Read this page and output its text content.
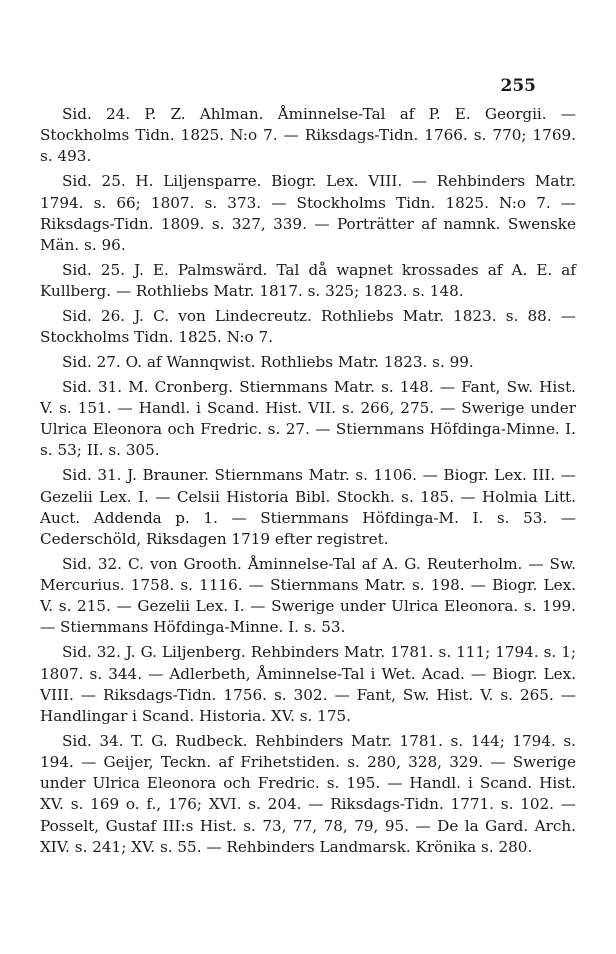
255

Sid. 24. P. Z. Ahlman. Åminnelse-Tal af P. E. Georgii. — Stockholms Tidn. 1825. N:o 7. — Riksdags-Tidn. 1766. s. 770; 1769. s. 493.

Sid. 25. H. Liljensparre. Biogr. Lex. VIII. — Rehbinders Matr. 1794. s. 66; 1807. s. 373. — Stockholms Tidn. 1825. N:o 7. — Riksdags-Tidn. 1809. s. 327, 339. — Porträtter af namnk. Swenske Män. s. 96.

Sid. 25. J. E. Palmswärd. Tal då wapnet krossades af A. E. af Kullberg. — Rothliebs Matr. 1817. s. 325; 1823. s. 148.

Sid. 26. J. C. von Lindecreutz. Rothliebs Matr. 1823. s. 88. — Stockholms Tidn. 1825. N:o 7.

Sid. 27. O. af Wannqwist. Rothliebs Matr. 1823. s. 99.

Sid. 31. M. Cronberg. Stiernmans Matr. s. 148. — Fant, Sw. Hist. V. s. 151. — Handl. i Scand. Hist. VII. s. 266, 275. — Swerige under Ulrica Eleonora och Fredric. s. 27. — Stiernmans Höfdinga-Minne. I. s. 53; II. s. 305.

Sid. 31. J. Brauner. Stiernmans Matr. s. 1106. — Biogr. Lex. III. — Gezelii Lex. I. — Celsii Historia Bibl. Stockh. s. 185. — Holmia Litt. Auct. Addenda p. 1. — Stiernmans Höfdinga-M. I. s. 53. — Cederschöld, Riksdagen 1719 efter registret.

Sid. 32. C. von Grooth. Åminnelse-Tal af A. G. Reuterholm. — Sw. Mercurius. 1758. s. 1116. — Stiernmans Matr. s. 198. — Biogr. Lex. V. s. 215. — Gezelii Lex. I. — Swerige under Ulrica Eleonora. s. 199. — Stiernmans Höfdinga-Minne. I. s. 53.

Sid. 32. J. G. Liljenberg. Rehbinders Matr. 1781. s. 111; 1794. s. 1; 1807. s. 344. — Adlerbeth, Åminnelse-Tal i Wet. Acad. — Biogr. Lex. VIII. — Riksdags-Tidn. 1756. s. 302. — Fant, Sw. Hist. V. s. 265. — Handlingar i Scand. Historia. XV. s. 175.

Sid. 34. T. G. Rudbeck. Rehbinders Matr. 1781. s. 144; 1794. s. 194. — Geijer, Teckn. af Frihetstiden. s. 280, 328, 329. — Swerige under Ulrica Eleonora och Fredric. s. 195. — Handl. i Scand. Hist. XV. s. 169 o. f., 176; XVI. s. 204. — Riksdags-Tidn. 1771. s. 102. — Posselt, Gustaf III:s Hist. s. 73, 77, 78, 79, 95. — De la Gard. Arch. XIV. s. 241; XV. s. 55. — Rehbinders Landmarsk. Krönika s. 280.
